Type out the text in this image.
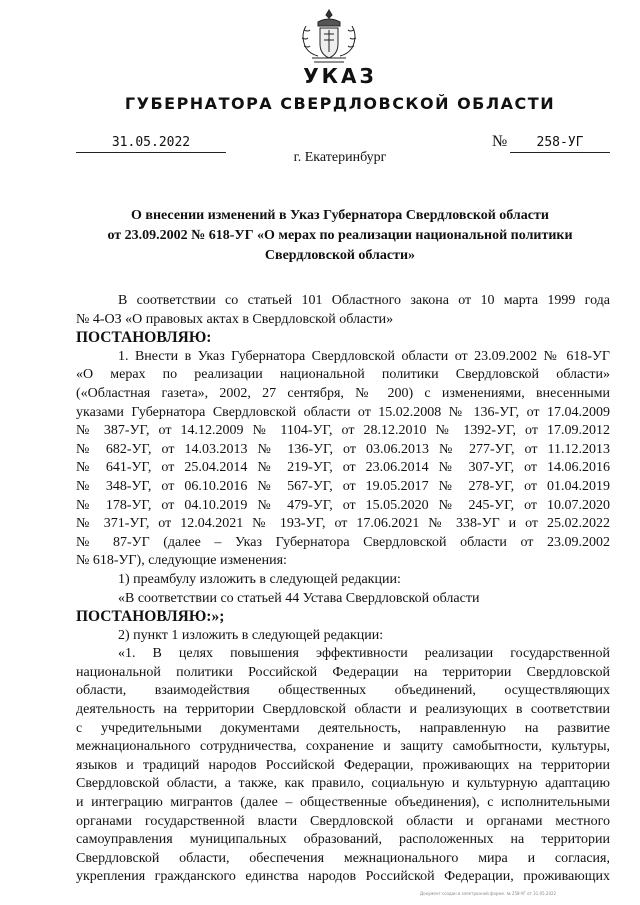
УКАЗ
ГУБЕРНАТОРА СВЕРДЛОВСКОЙ ОБЛАСТИ
31.05.2022	№	258-УГ
г. Екатеринбург
О внесении изменений в Указ Губернатора Свердловской области
от 23.09.2002 № 618-УГ «О мерах по реализации национальной политики
Свердловской области»
В соответствии со статьей 101 Областного закона от 10 марта 1999 года
№ 4-ОЗ «О правовых актах в Свердловской области»
ПОСТАНОВЛЯЮ:
1. Внести в Указ Губернатора Свердловской области от 23.09.2002 № 618-УГ
«О мерах по реализации национальной политики Свердловской области»
(«Областная газета», 2002, 27 сентября, № 200) с изменениями, внесенными
указами Губернатора Свердловской области от 15.02.2008 № 136-УГ, от 17.04.2009
№ 387-УГ, от 14.12.2009 № 1104-УГ, от 28.12.2010 № 1392-УГ, от 17.09.2012
№ 682-УГ, от 14.03.2013 № 136-УГ, от 03.06.2013 № 277-УГ, от 11.12.2013
№ 641-УГ, от 25.04.2014 № 219-УГ, от 23.06.2014 № 307-УГ, от 14.06.2016
№ 348-УГ, от 06.10.2016 № 567-УГ, от 19.05.2017 № 278-УГ, от 01.04.2019
№ 178-УГ, от 04.10.2019 № 479-УГ, от 15.05.2020 № 245-УГ, от 10.07.2020
№ 371-УГ, от 12.04.2021 № 193-УГ, от 17.06.2021 № 338-УГ и от 25.02.2022
№ 87-УГ (далее – Указ Губернатора Свердловской области от 23.09.2002
№ 618-УГ), следующие изменения:
1) преамбулу изложить в следующей редакции:
«В соответствии со статьей 44 Устава Свердловской области
ПОСТАНОВЛЯЮ:»;
2) пункт 1 изложить в следующей редакции:
«1. В целях повышения эффективности реализации государственной
национальной политики Российской Федерации на территории Свердловской
области, взаимодействия общественных объединений, осуществляющих
деятельность на территории Свердловской области и реализующих в соответствии
с учредительными документами деятельность, направленную на развитие
межнационального сотрудничества, сохранение и защиту самобытности, культуры,
языков и традиций народов Российской Федерации, проживающих на территории
Свердловской области, а также, как правило, социальную и культурную адаптацию
и интеграцию мигрантов (далее – общественные объединения), с исполнительными
органами государственной власти Свердловской области и органами местного
самоуправления муниципальных образований, расположенных на территории
Свердловской области, обеспечения межнационального мира и согласия,
укрепления гражданского единства народов Российской Федерации, проживающих
Документ создан в электронной форме. № 258-УГ от 31.05.2022
